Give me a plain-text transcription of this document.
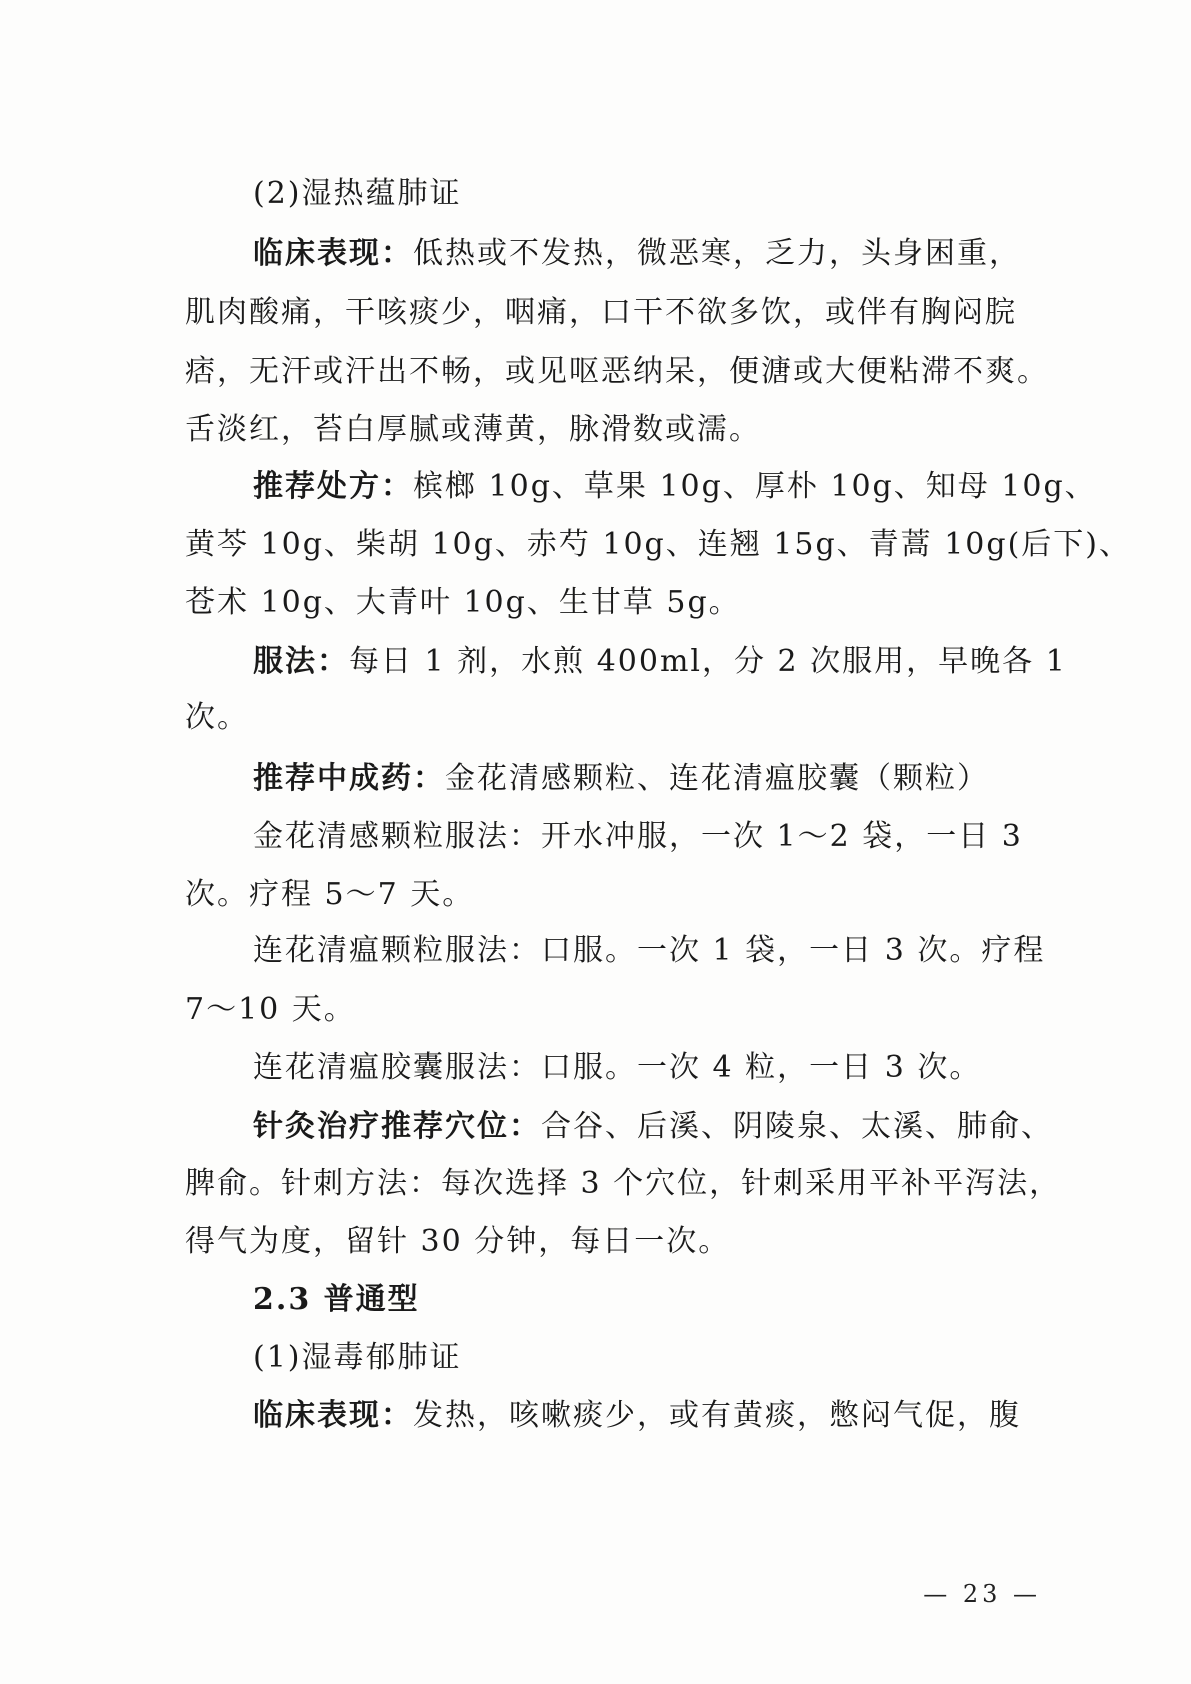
(2)湿热蕴肺证
临床表现：低热或不发热，微恶寒，乏力，头身困重，
肌肉酸痛，干咳痰少，咽痛，口干不欲多饮，或伴有胸闷脘
痞，无汗或汗出不畅，或见呕恶纳呆，便溏或大便粘滞不爽。
舌淡红，苔白厚腻或薄黄，脉滑数或濡。
推荐处方：槟榔 10g、草果 10g、厚朴 10g、知母 10g、
黄芩 10g、柴胡 10g、赤芍 10g、连翘 15g、青蒿 10g(后下)、
苍术 10g、大青叶 10g、生甘草 5g。
服法：每日 1 剂，水煎 400ml，分 2 次服用，早晚各 1
次。
推荐中成药：金花清感颗粒、连花清瘟胶囊（颗粒）
金花清感颗粒服法：开水冲服，一次 1～2 袋，一日 3
次。疗程 5～7 天。
连花清瘟颗粒服法：口服。一次 1 袋，一日 3 次。疗程
7～10 天。
连花清瘟胶囊服法：口服。一次 4 粒，一日 3 次。
针灸治疗推荐穴位：合谷、后溪、阴陵泉、太溪、肺俞、
脾俞。针刺方法：每次选择 3 个穴位，针刺采用平补平泻法，
得气为度，留针 30 分钟，每日一次。
2.3 普通型
(1)湿毒郁肺证
临床表现：发热，咳嗽痰少，或有黄痰，憋闷气促，腹
— 23 —
